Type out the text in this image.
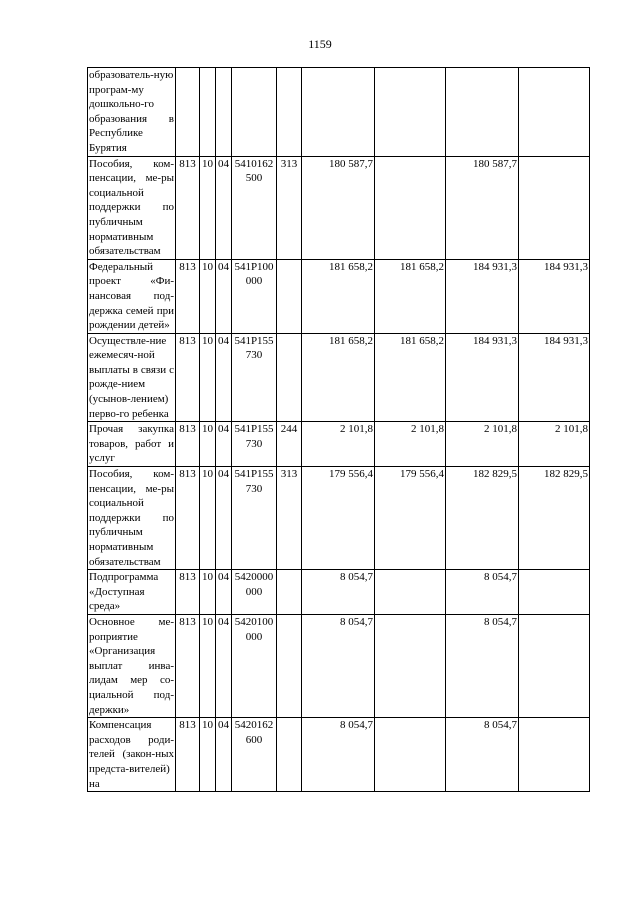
1159
образователь-ную програм-му дошкольно-го образования в Республике Бурятия									
Пособия, ком-пенсации, ме-ры социальной поддержки по публичным нормативным обязательствам	813	10	04	5410162500	313	180 587,7		180 587,7	
Федеральный проект «Фи-нансовая под-держка семей при рождении детей»	813	10	04	541P100000		181 658,2	181 658,2	184 931,3	184 931,3
Осуществле-ние ежемесяч-ной выплаты в связи с рожде-нием (усынов-лением) перво-го ребенка	813	10	04	541P155730		181 658,2	181 658,2	184 931,3	184 931,3
Прочая закупка товаров, работ и услуг	813	10	04	541P155730	244	2 101,8	2 101,8	2 101,8	2 101,8
Пособия, ком-пенсации, ме-ры социальной поддержки по публичным нормативным обязательствам	813	10	04	541P155730	313	179 556,4	179 556,4	182 829,5	182 829,5
Подпрограмма «Доступная среда»	813	10	04	5420000000		8 054,7		8 054,7	
Основное ме-роприятие «Организация выплат инва-лидам мер со-циальной под-держки»	813	10	04	5420100000		8 054,7		8 054,7	
Компенсация расходов роди-телей (закон-ных предста-вителей) на	813	10	04	5420162600		8 054,7		8 054,7	
